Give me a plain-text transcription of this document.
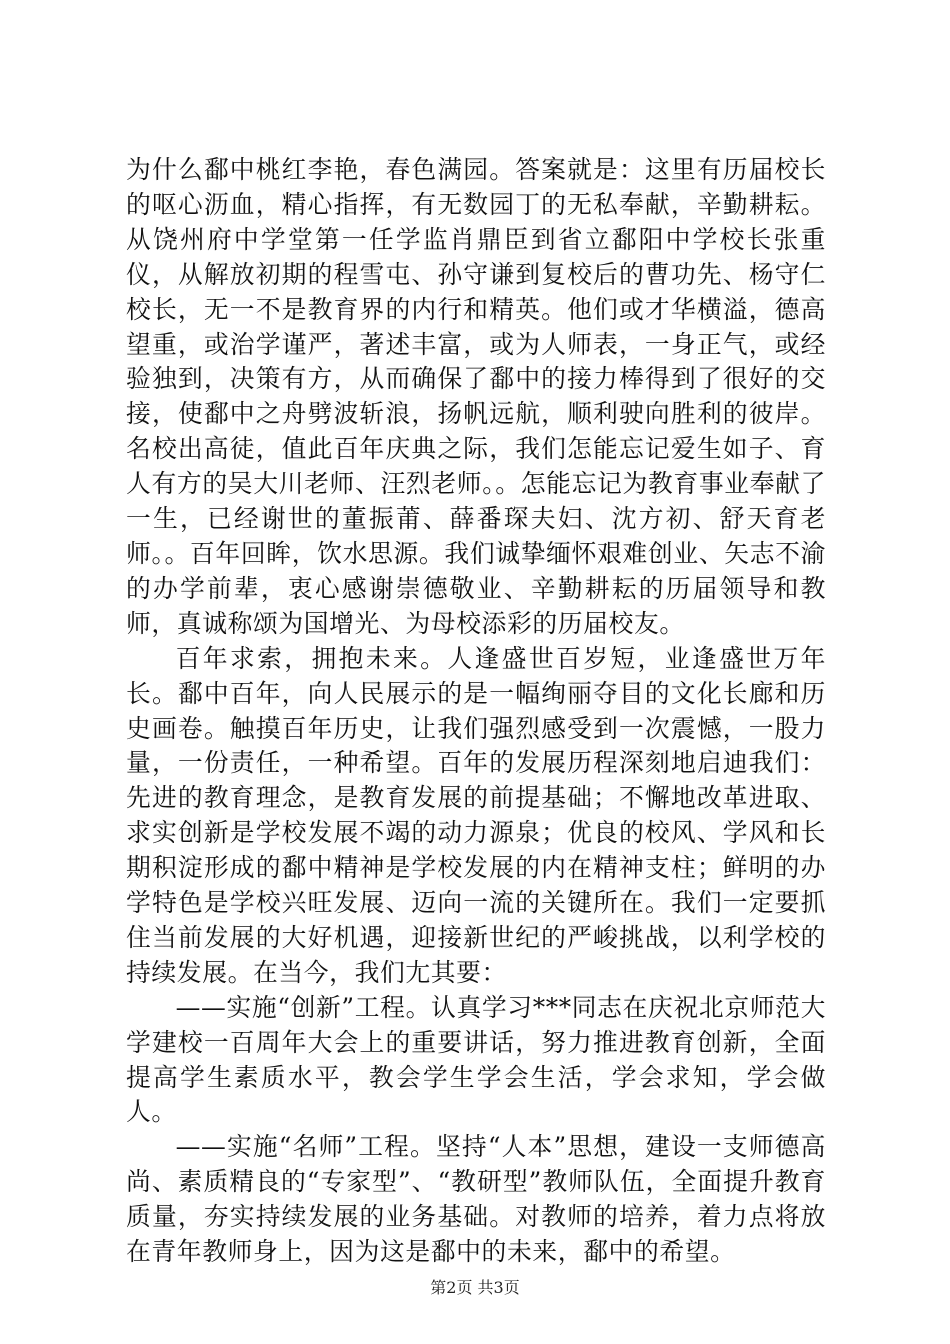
为什么鄱中桃红李艳，春色满园。答案就是：这里有历届校长的呕心沥血，精心指挥，有无数园丁的无私奉献，辛勤耕耘。从饶州府中学堂第一任学监肖鼎臣到省立鄱阳中学校长张重仪，从解放初期的程雪屯、孙守谦到复校后的曹功先、杨守仁校长，无一不是教育界的内行和精英。他们或才华横溢，德高望重，或治学谨严，著述丰富，或为人师表，一身正气，或经验独到，决策有方，从而确保了鄱中的接力棒得到了很好的交接，使鄱中之舟劈波斩浪，扬帆远航，顺利驶向胜利的彼岸。名校出高徒，值此百年庆典之际，我们怎能忘记爱生如子、育人有方的吴大川老师、汪烈老师。。怎能忘记为教育事业奉献了一生，已经谢世的董振莆、薛番琛夫妇、沈方初、舒天育老师。。百年回眸，饮水思源。我们诚挚缅怀艰难创业、矢志不渝的办学前辈，衷心感谢崇德敬业、辛勤耕耘的历届领导和教师，真诚称颂为国增光、为母校添彩的历届校友。

百年求索，拥抱未来。人逢盛世百岁短，业逢盛世万年长。鄱中百年，向人民展示的是一幅绚丽夺目的文化长廊和历史画卷。触摸百年历史，让我们强烈感受到一次震憾，一股力量，一份责任，一种希望。百年的发展历程深刻地启迪我们：先进的教育理念，是教育发展的前提基础；不懈地改革进取、求实创新是学校发展不竭的动力源泉；优良的校风、学风和长期积淀形成的鄱中精神是学校发展的内在精神支柱；鲜明的办学特色是学校兴旺发展、迈向一流的关键所在。我们一定要抓住当前发展的大好机遇，迎接新世纪的严峻挑战，以利学校的持续发展。在当今，我们尢其要：

——实施“创新”工程。认真学习***同志在庆祝北京师范大学建校一百周年大会上的重要讲话，努力推进教育创新，全面提高学生素质水平，教会学生学会生活，学会求知，学会做人。

——实施“名师”工程。坚持“人本”思想，建设一支师德高尚、素质精良的“专家型”、“教研型”教师队伍，全面提升教育质量，夯实持续发展的业务基础。对教师的培养，着力点将放在青年教师身上，因为这是鄱中的未来，鄱中的希望。

第2页 共3页
